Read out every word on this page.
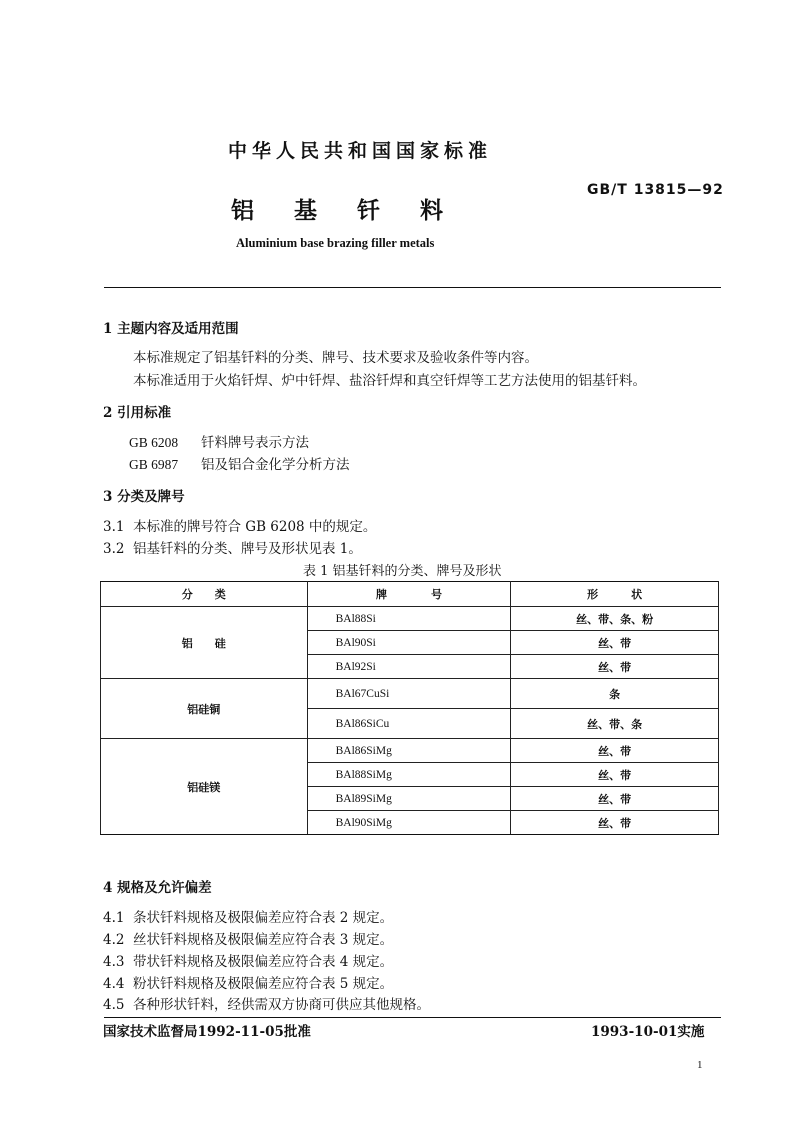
中华人民共和国国家标准
GB/T 13815—92
铝基钎料
Aluminium base brazing filler metals
1 主题内容及适用范围
本标准规定了铝基钎料的分类、牌号、技术要求及验收条件等内容。
本标准适用于火焰钎焊、炉中钎焊、盐浴钎焊和真空钎焊等工艺方法使用的铝基钎料。
2 引用标准
GB 6208 钎料牌号表示方法
GB 6987 铝及铝合金化学分析方法
3 分类及牌号
3.1 本标准的牌号符合 GB 6208 中的规定。
3.2 铝基钎料的分类、牌号及形状见表 1。
表 1 铝基钎料的分类、牌号及形状
分　　类	牌　　　　号	形　　　状
铝　　硅	BAl88Si	丝、带、条、粉
	BAl90Si	丝、带
	BAl92Si	丝、带
铝硅铜	BAl67CuSi	条
	BAl86SiCu	丝、带、条
铝硅镁	BAl86SiMg	丝、带
	BAl88SiMg	丝、带
	BAl89SiMg	丝、带
	BAl90SiMg	丝、带
4 规格及允许偏差
4.1 条状钎料规格及极限偏差应符合表 2 规定。
4.2 丝状钎料规格及极限偏差应符合表 3 规定。
4.3 带状钎料规格及极限偏差应符合表 4 规定。
4.4 粉状钎料规格及极限偏差应符合表 5 规定。
4.5 各种形状钎料，经供需双方协商可供应其他规格。
国家技术监督局1992-11-05批准	1993-10-01实施
1
